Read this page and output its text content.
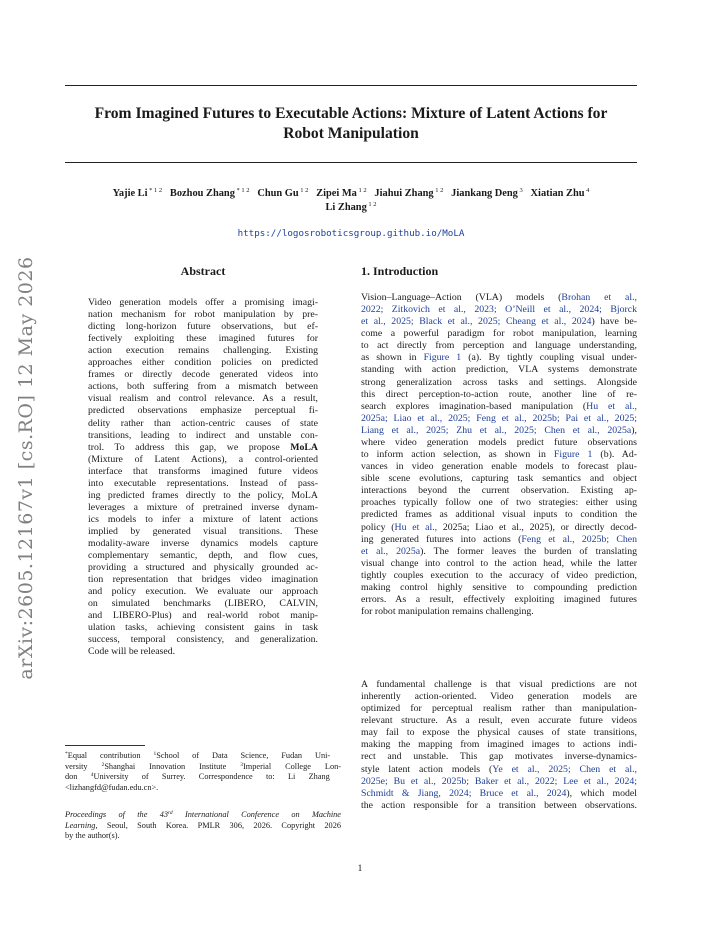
From Imagined Futures to Executable Actions: Mixture of Latent Actions for
Robot Manipulation
Yajie Li $^{* 1 2}$ Bozhou Zhang $^{* 1 2}$ Chun Gu $^{1 2}$ Zipei Ma $^{1 2}$ Jiahui Zhang $^{1 2}$ Jiankang Deng $^3$ Xiatian Zhu $^4$
Li Zhang $^{1 2}$
https://logosroboticsgroup.github.io/MoLA
arXiv:2605.12167v1 [cs.RO] 12 May 2026	Abstract
Video generation models offer a promising imagi-
nation mechanism for robot manipulation by pre-
dicting long-horizon future observations, but ef-
fectively exploiting these imagined futures for
action execution remains challenging. Existing
approaches either condition policies on predicted
frames or directly decode generated videos into
actions, both suffering from a mismatch between
visual realism and control relevance. As a result,
predicted observations emphasize perceptual fi-
delity rather than action-centric causes of state
transitions, leading to indirect and unstable con-
trol. To address this gap, we propose MoLA
(Mixture of Latent Actions), a control-oriented
interface that transforms imagined future videos
into executable representations. Instead of pass-
ing predicted frames directly to the policy, MoLA
leverages a mixture of pretrained inverse dynam-
ics models to infer a mixture of latent actions
implied by generated visual transitions. These
modality-aware inverse dynamics models capture
complementary semantic, depth, and flow cues,
providing a structured and physically grounded ac-
tion representation that bridges video imagination
and policy execution. We evaluate our approach
on simulated benchmarks (LIBERO, CALVIN,
and LIBERO-Plus) and real-world robot manip-
ulation tasks, achieving consistent gains in task
success, temporal consistency, and generalization.
Code will be released.
1. Introduction
Vision–Language–Action (VLA) models (Brohan et al.,
2022; Zitkovich et al., 2023; O’Neill et al., 2024; Bjorck
et al., 2025; Black et al., 2025; Cheang et al., 2024) have be-
come a powerful paradigm for robot manipulation, learning
to act directly from perception and language understanding,
as shown in Figure 1 (a). By tightly coupling visual under-
standing with action prediction, VLA systems demonstrate
strong generalization across tasks and settings. Alongside
this direct perception-to-action route, another line of re-
search explores imagination-based manipulation (Hu et al.,
2025a; Liao et al., 2025; Feng et al., 2025b; Pai et al., 2025;
Liang et al., 2025; Zhu et al., 2025; Chen et al., 2025a),
where video generation models predict future observations
to inform action selection, as shown in Figure 1 (b). Ad-
vances in video generation enable models to forecast plau-
sible scene evolutions, capturing task semantics and object
interactions beyond the current observation. Existing ap-
proaches typically follow one of two strategies: either using
predicted frames as additional visual inputs to condition the
policy (Hu et al., 2025a; Liao et al., 2025), or directly decod-
ing generated futures into actions (Feng et al., 2025b; Chen
et al., 2025a). The former leaves the burden of translating
visual change into control to the action head, while the latter
tightly couples execution to the accuracy of video prediction,
making control highly sensitive to compounding prediction
errors. As a result, effectively exploiting imagined futures
for robot manipulation remains challenging.
A fundamental challenge is that visual predictions are not
inherently action-oriented. Video generation models are
optimized for perceptual realism rather than manipulation-
relevant structure. As a result, even accurate future videos
may fail to expose the physical causes of state transitions,
making the mapping from imagined images to actions indi-
rect and unstable. This gap motivates inverse-dynamics-
style latent action models (Ye et al., 2025; Chen et al.,
2025e; Bu et al., 2025b; Baker et al., 2022; Lee et al., 2024;
Schmidt & Jiang, 2024; Bruce et al., 2024), which model
the action responsible for a transition between observations.
*Equal contribution $^1$School of Data Science, Fudan Uni-
versity $^2$Shanghai Innovation Institute $^3$Imperial College Lon-
don $^4$University of Surrey. Correspondence to: Li Zhang
<lizhangfd@fudan.edu.cn>.
Proceedings of the 43rd International Conference on Machine
Learning, Seoul, South Korea. PMLR 306, 2026. Copyright 2026
by the author(s).
1
